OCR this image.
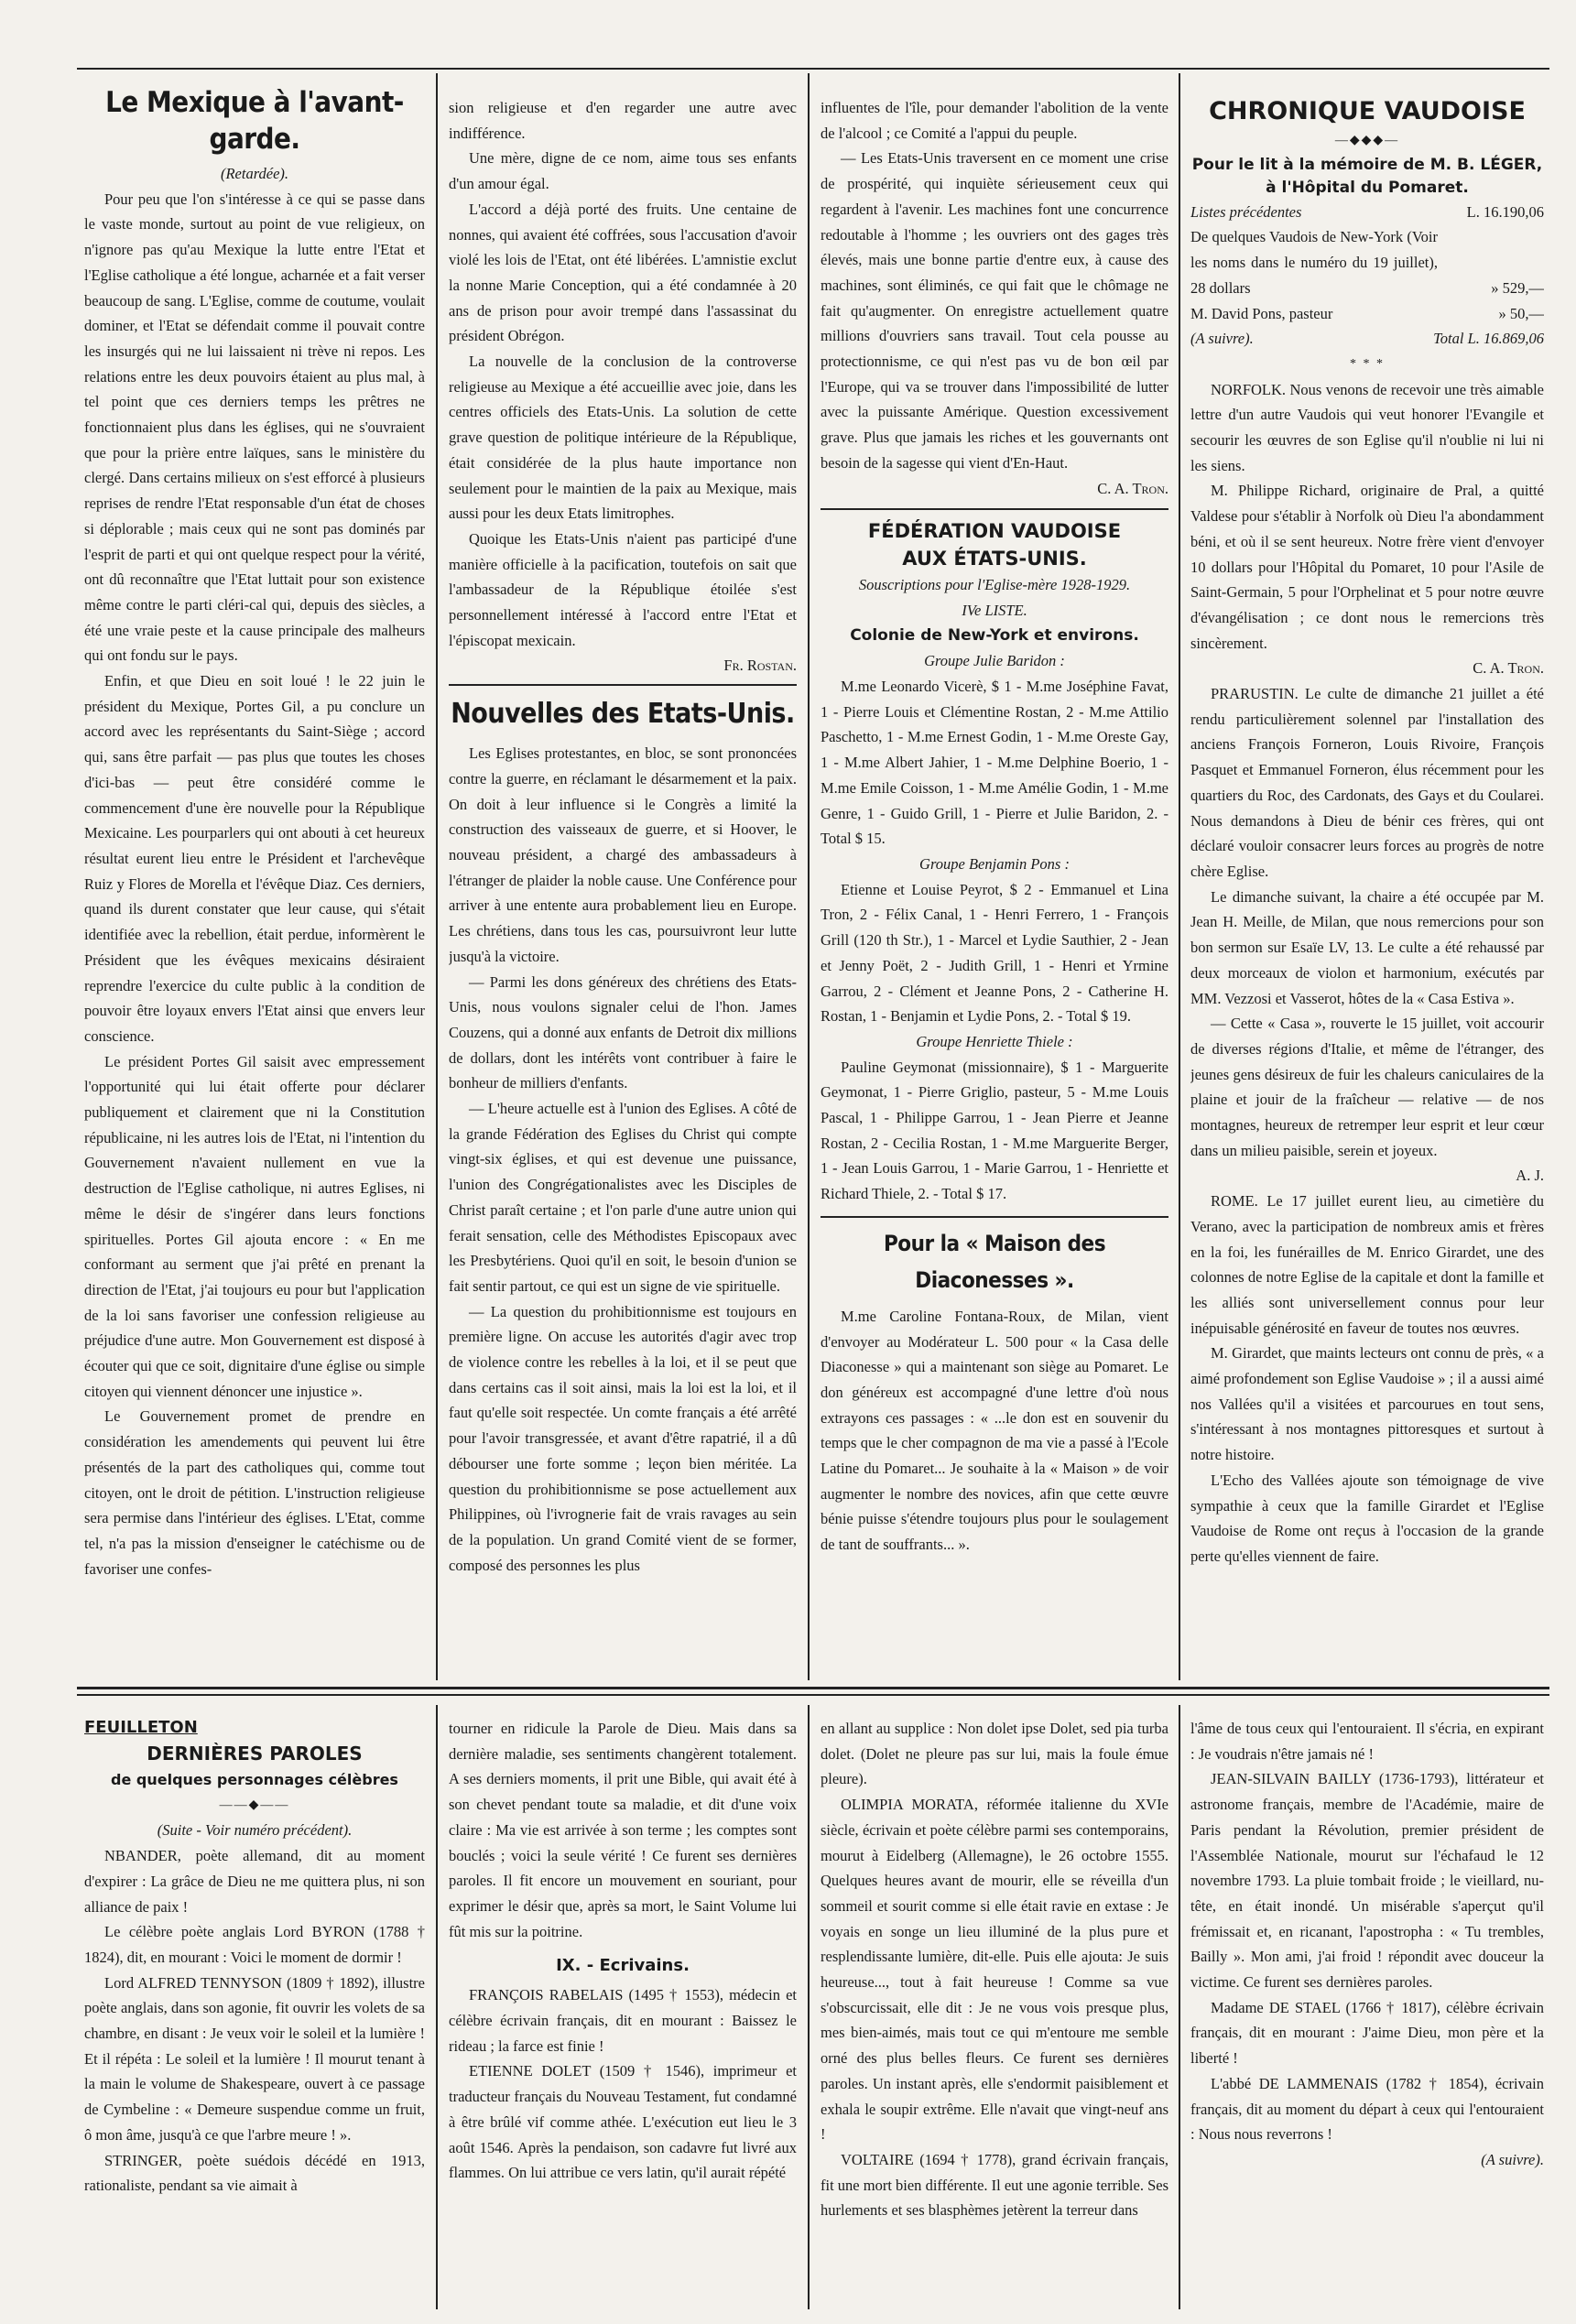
Le Mexique à l'avant-garde.

(Retardée).

Pour peu que l'on s'intéresse à ce qui se passe dans le vaste monde, surtout au point de vue religieux, on n'ignore pas qu'au Mexique la lutte entre l'Etat et l'Eglise catholique a été longue, acharnée et a fait verser beaucoup de sang. L'Eglise, comme de coutume, voulait dominer, et l'Etat se défendait comme il pouvait contre les insurgés qui ne lui laissaient ni trève ni repos. Les relations entre les deux pouvoirs étaient au plus mal, à tel point que ces derniers temps les prêtres ne fonctionnaient plus dans les églises, qui ne s'ouvraient que pour la prière entre laïques, sans le ministère du clergé. Dans certains milieux on s'est efforcé à plusieurs reprises de rendre l'Etat responsable d'un état de choses si déplorable ; mais ceux qui ne sont pas dominés par l'esprit de parti et qui ont quelque respect pour la vérité, ont dû reconnaître que l'Etat luttait pour son existence même contre le parti cléri-cal qui, depuis des siècles, a été une vraie peste et la cause principale des malheurs qui ont fondu sur le pays.

Enfin, et que Dieu en soit loué ! le 22 juin le président du Mexique, Portes Gil, a pu conclure un accord avec les représentants du Saint-Siège ; accord qui, sans être parfait — pas plus que toutes les choses d'ici-bas — peut être considéré comme le commencement d'une ère nouvelle pour la République Mexicaine. Les pourparlers qui ont abouti à cet heureux résultat eurent lieu entre le Président et l'archevêque Ruiz y Flores de Morella et l'évêque Diaz. Ces derniers, quand ils durent constater que leur cause, qui s'était identifiée avec la rebellion, était perdue, informèrent le Président que les évêques mexicains désiraient reprendre l'exercice du culte public à la condition de pouvoir être loyaux envers l'Etat ainsi que envers leur conscience.

Le président Portes Gil saisit avec empressement l'opportunité qui lui était offerte pour déclarer publiquement et clairement que ni la Constitution républicaine, ni les autres lois de l'Etat, ni l'intention du Gouvernement n'avaient nullement en vue la destruction de l'Eglise catholique, ni autres Eglises, ni même le désir de s'ingérer dans leurs fonctions spirituelles. Portes Gil ajouta encore : « En me conformant au serment que j'ai prêté en prenant la direction de l'Etat, j'ai toujours eu pour but l'application de la loi sans favoriser une confession religieuse au préjudice d'une autre. Mon Gouvernement est disposé à écouter qui que ce soit, dignitaire d'une église ou simple citoyen qui viennent dénoncer une injustice ».

Le Gouvernement promet de prendre en considération les amendements qui peuvent lui être présentés de la part des catholiques qui, comme tout citoyen, ont le droit de pétition. L'instruction religieuse sera permise dans l'intérieur des églises. L'Etat, comme tel, n'a pas la mission d'enseigner le catéchisme ou de favoriser une confes-

sion religieuse et d'en regarder une autre avec indifférence.

Une mère, digne de ce nom, aime tous ses enfants d'un amour égal.

L'accord a déjà porté des fruits. Une centaine de nonnes, qui avaient été coffrées, sous l'accusation d'avoir violé les lois de l'Etat, ont été libérées. L'amnistie exclut la nonne Marie Conception, qui a été condamnée à 20 ans de prison pour avoir trempé dans l'assassinat du président Obrégon.

La nouvelle de la conclusion de la controverse religieuse au Mexique a été accueillie avec joie, dans les centres officiels des Etats-Unis. La solution de cette grave question de politique intérieure de la République, était considérée de la plus haute importance non seulement pour le maintien de la paix au Mexique, mais aussi pour les deux Etats limitrophes.

Quoique les Etats-Unis n'aient pas participé d'une manière officielle à la pacification, toutefois on sait que l'ambassadeur de la République étoilée s'est personnellement intéressé à l'accord entre l'Etat et l'épiscopat mexicain.

Fr. Rostan.

Nouvelles des Etats-Unis.

Les Eglises protestantes, en bloc, se sont prononcées contre la guerre, en réclamant le désarmement et la paix. On doit à leur influence si le Congrès a limité la construction des vaisseaux de guerre, et si Hoover, le nouveau président, a chargé des ambassadeurs à l'étranger de plaider la noble cause. Une Conférence pour arriver à une entente aura probablement lieu en Europe. Les chrétiens, dans tous les cas, poursuivront leur lutte jusqu'à la victoire.

— Parmi les dons généreux des chrétiens des Etats-Unis, nous voulons signaler celui de l'hon. James Couzens, qui a donné aux enfants de Detroit dix millions de dollars, dont les intérêts vont contribuer à faire le bonheur de milliers d'enfants.

— L'heure actuelle est à l'union des Eglises. A côté de la grande Fédération des Eglises du Christ qui compte vingt-six églises, et qui est devenue une puissance, l'union des Congrégationalistes avec les Disciples de Christ paraît certaine ; et l'on parle d'une autre union qui ferait sensation, celle des Méthodistes Episcopaux avec les Presbytériens. Quoi qu'il en soit, le besoin d'union se fait sentir partout, ce qui est un signe de vie spirituelle.

— La question du prohibitionnisme est toujours en première ligne. On accuse les autorités d'agir avec trop de violence contre les rebelles à la loi, et il se peut que dans certains cas il soit ainsi, mais la loi est la loi, et il faut qu'elle soit respectée. Un comte français a été arrêté pour l'avoir transgressée, et avant d'être rapatrié, il a dû débourser une forte somme ; leçon bien méritée. La question du prohibitionnisme se pose actuellement aux Philippines, où l'ivrognerie fait de vrais ravages au sein de la population. Un grand Comité vient de se former, composé des personnes les plus

influentes de l'île, pour demander l'abolition de la vente de l'alcool ; ce Comité a l'appui du peuple.

— Les Etats-Unis traversent en ce moment une crise de prospérité, qui inquiète sérieusement ceux qui regardent à l'avenir. Les machines font une concurrence redoutable à l'homme ; les ouvriers ont des gages très élevés, mais une bonne partie d'entre eux, à cause des machines, sont éliminés, ce qui fait que le chômage ne fait qu'augmenter. On enregistre actuellement quatre millions d'ouvriers sans travail. Tout cela pousse au protectionnisme, ce qui n'est pas vu de bon œil par l'Europe, qui va se trouver dans l'impossibilité de lutter avec la puissante Amérique. Question excessivement grave. Plus que jamais les riches et les gouvernants ont besoin de la sagesse qui vient d'En-Haut.

C. A. Tron.

FÉDÉRATION VAUDOISE

AUX ÉTATS-UNIS.

Souscriptions pour l'Eglise-mère 1928-1929.

IVe LISTE.

Colonie de New-York et environs.

Groupe Julie Baridon :

M.me Leonardo Vicerè, $ 1 - M.me Joséphine Favat, 1 - Pierre Louis et Clémentine Rostan, 2 - M.me Attilio Paschetto, 1 - M.me Ernest Godin, 1 - M.me Oreste Gay, 1 - M.me Albert Jahier, 1 - M.me Delphine Boerio, 1 - M.me Emile Coisson, 1 - M.me Amélie Godin, 1 - M.me Genre, 1 - Guido Grill, 1 - Pierre et Julie Baridon, 2. - Total $ 15.

Groupe Benjamin Pons :

Etienne et Louise Peyrot, $ 2 - Emmanuel et Lina Tron, 2 - Félix Canal, 1 - Henri Ferrero, 1 - François Grill (120 th Str.), 1 - Marcel et Lydie Sauthier, 2 - Jean et Jenny Poët, 2 - Judith Grill, 1 - Henri et Yrmine Garrou, 2 - Clément et Jeanne Pons, 2 - Catherine H. Rostan, 1 - Benjamin et Lydie Pons, 2. - Total $ 19.

Groupe Henriette Thiele :

Pauline Geymonat (missionnaire), $ 1 - Marguerite Geymonat, 1 - Pierre Griglio, pasteur, 5 - M.me Louis Pascal, 1 - Philippe Garrou, 1 - Jean Pierre et Jeanne Rostan, 2 - Cecilia Rostan, 1 - M.me Marguerite Berger, 1 - Jean Louis Garrou, 1 - Marie Garrou, 1 - Henriette et Richard Thiele, 2. - Total $ 17.

Pour la « Maison des Diaconesses ».

M.me Caroline Fontana-Roux, de Milan, vient d'envoyer au Modérateur L. 500 pour « la Casa delle Diaconesse » qui a maintenant son siège au Pomaret. Le don généreux est accompagné d'une lettre d'où nous extrayons ces passages : « ...le don est en souvenir du temps que le cher compagnon de ma vie a passé à l'Ecole Latine du Pomaret... Je souhaite à la « Maison » de voir augmenter le nombre des novices, afin que cette œuvre bénie puisse s'étendre toujours plus pour le soulagement de tant de souffrants... ».

CHRONIQUE VAUDOISE

—◆◆◆—

Pour le lit à la mémoire de M. B. LÉGER, à l'Hôpital du Pomaret.

Listes précédentes	L. 16.190,06
De quelques Vaudois de New-York (Voir les noms dans le numéro du 19 juillet), 28 dollars	» 529,—
M. David Pons, pasteur	» 50,—
(A suivre).	Total L. 16.869,06

* * *

NORFOLK. Nous venons de recevoir une très aimable lettre d'un autre Vaudois qui veut honorer l'Evangile et secourir les œuvres de son Eglise qu'il n'oublie ni lui ni les siens.

M. Philippe Richard, originaire de Pral, a quitté Valdese pour s'établir à Norfolk où Dieu l'a abondamment béni, et où il se sent heureux. Notre frère vient d'envoyer 10 dollars pour l'Hôpital du Pomaret, 10 pour l'Asile de Saint-Germain, 5 pour l'Orphelinat et 5 pour notre œuvre d'évangélisation ; ce dont nous le remercions très sincèrement.

C. A. Tron.

PRARUSTIN. Le culte de dimanche 21 juillet a été rendu particulièrement solennel par l'installation des anciens François Forneron, Louis Rivoire, François Pasquet et Emmanuel Forneron, élus récemment pour les quartiers du Roc, des Cardonats, des Gays et du Coularei. Nous demandons à Dieu de bénir ces frères, qui ont déclaré vouloir consacrer leurs forces au progrès de notre chère Eglise.

Le dimanche suivant, la chaire a été occupée par M. Jean H. Meille, de Milan, que nous remercions pour son bon sermon sur Esaïe LV, 13. Le culte a été rehaussé par deux morceaux de violon et harmonium, exécutés par MM. Vezzosi et Vasserot, hôtes de la « Casa Estiva ».

— Cette « Casa », rouverte le 15 juillet, voit accourir de diverses régions d'Italie, et même de l'étranger, des jeunes gens désireux de fuir les chaleurs caniculaires de la plaine et jouir de la fraîcheur — relative — de nos montagnes, heureux de retremper leur esprit et leur cœur dans un milieu paisible, serein et joyeux.

A. J.

ROME. Le 17 juillet eurent lieu, au cimetière du Verano, avec la participation de nombreux amis et frères en la foi, les funérailles de M. Enrico Girardet, une des colonnes de notre Eglise de la capitale et dont la famille et les alliés sont universellement connus pour leur inépuisable générosité en faveur de toutes nos œuvres.

M. Girardet, que maints lecteurs ont connu de près, « a aimé profondement son Eglise Vaudoise » ; il a aussi aimé nos Vallées qu'il a visitées et parcourues en tout sens, s'intéressant à nos montagnes pittoresques et surtout à notre histoire.

L'Echo des Vallées ajoute son témoignage de vive sympathie à ceux que la famille Girardet et l'Eglise Vaudoise de Rome ont reçus à l'occasion de la grande perte qu'elles viennent de faire.

FEUILLETON

DERNIÈRES PAROLES

de quelques personnages célèbres

——◆——

(Suite - Voir numéro précédent).

NBANDER, poète allemand, dit au moment d'expirer : La grâce de Dieu ne me quittera plus, ni son alliance de paix !

Le célèbre poète anglais Lord BYRON (1788 † 1824), dit, en mourant : Voici le moment de dormir !

Lord ALFRED TENNYSON (1809 † 1892), illustre poète anglais, dans son agonie, fit ouvrir les volets de sa chambre, en disant : Je veux voir le soleil et la lumière ! Et il répéta : Le soleil et la lumière ! Il mourut tenant à la main le volume de Shakespeare, ouvert à ce passage de Cymbeline : « Demeure suspendue comme un fruit, ô mon âme, jusqu'à ce que l'arbre meure ! ».

STRINGER, poète suédois décédé en 1913, rationaliste, pendant sa vie aimait à

tourner en ridicule la Parole de Dieu. Mais dans sa dernière maladie, ses sentiments changèrent totalement. A ses derniers moments, il prit une Bible, qui avait été à son chevet pendant toute sa maladie, et dit d'une voix claire : Ma vie est arrivée à son terme ; les comptes sont bouclés ; voici la seule vérité ! Ce furent ses dernières paroles. Il fit encore un mouvement en souriant, pour exprimer le désir que, après sa mort, le Saint Volume lui fût mis sur la poitrine.

IX. - Ecrivains.

FRANÇOIS RABELAIS (1495 † 1553), médecin et célèbre écrivain français, dit en mourant : Baissez le rideau ; la farce est finie !

ETIENNE DOLET (1509 † 1546), imprimeur et traducteur français du Nouveau Testament, fut condamné à être brûlé vif comme athée. L'exécution eut lieu le 3 août 1546. Après la pendaison, son cadavre fut livré aux flammes. On lui attribue ce vers latin, qu'il aurait répété

en allant au supplice : Non dolet ipse Dolet, sed pia turba dolet. (Dolet ne pleure pas sur lui, mais la foule émue pleure).

OLIMPIA MORATA, réformée italienne du XVIe siècle, écrivain et poète célèbre parmi ses contemporains, mourut à Eidelberg (Allemagne), le 26 octobre 1555. Quelques heures avant de mourir, elle se réveilla d'un sommeil et sourit comme si elle était ravie en extase : Je voyais en songe un lieu illuminé de la plus pure et resplendissante lumière, dit-elle. Puis elle ajouta: Je suis heureuse..., tout à fait heureuse ! Comme sa vue s'obscurcissait, elle dit : Je ne vous vois presque plus, mes bien-aimés, mais tout ce qui m'entoure me semble orné des plus belles fleurs. Ce furent ses dernières paroles. Un instant après, elle s'endormit paisiblement et exhala le soupir extrême. Elle n'avait que vingt-neuf ans !

VOLTAIRE (1694 † 1778), grand écrivain français, fit une mort bien différente. Il eut une agonie terrible. Ses hurlements et ses blasphèmes jetèrent la terreur dans

l'âme de tous ceux qui l'entouraient. Il s'écria, en expirant : Je voudrais n'être jamais né !

JEAN-SILVAIN BAILLY (1736-1793), littérateur et astronome français, membre de l'Académie, maire de Paris pendant la Révolution, premier président de l'Assemblée Nationale, mourut sur l'échafaud le 12 novembre 1793. La pluie tombait froide ; le vieillard, nu-tête, en était inondé. Un misérable s'aperçut qu'il frémissait et, en ricanant, l'apostropha : « Tu trembles, Bailly ». Mon ami, j'ai froid ! répondit avec douceur la victime. Ce furent ses dernières paroles.

Madame DE STAEL (1766 † 1817), célèbre écrivain français, dit en mourant : J'aime Dieu, mon père et la liberté !

L'abbé DE LAMMENAIS (1782 † 1854), écrivain français, dit au moment du départ à ceux qui l'entouraient : Nous nous reverrons !

(A suivre).
